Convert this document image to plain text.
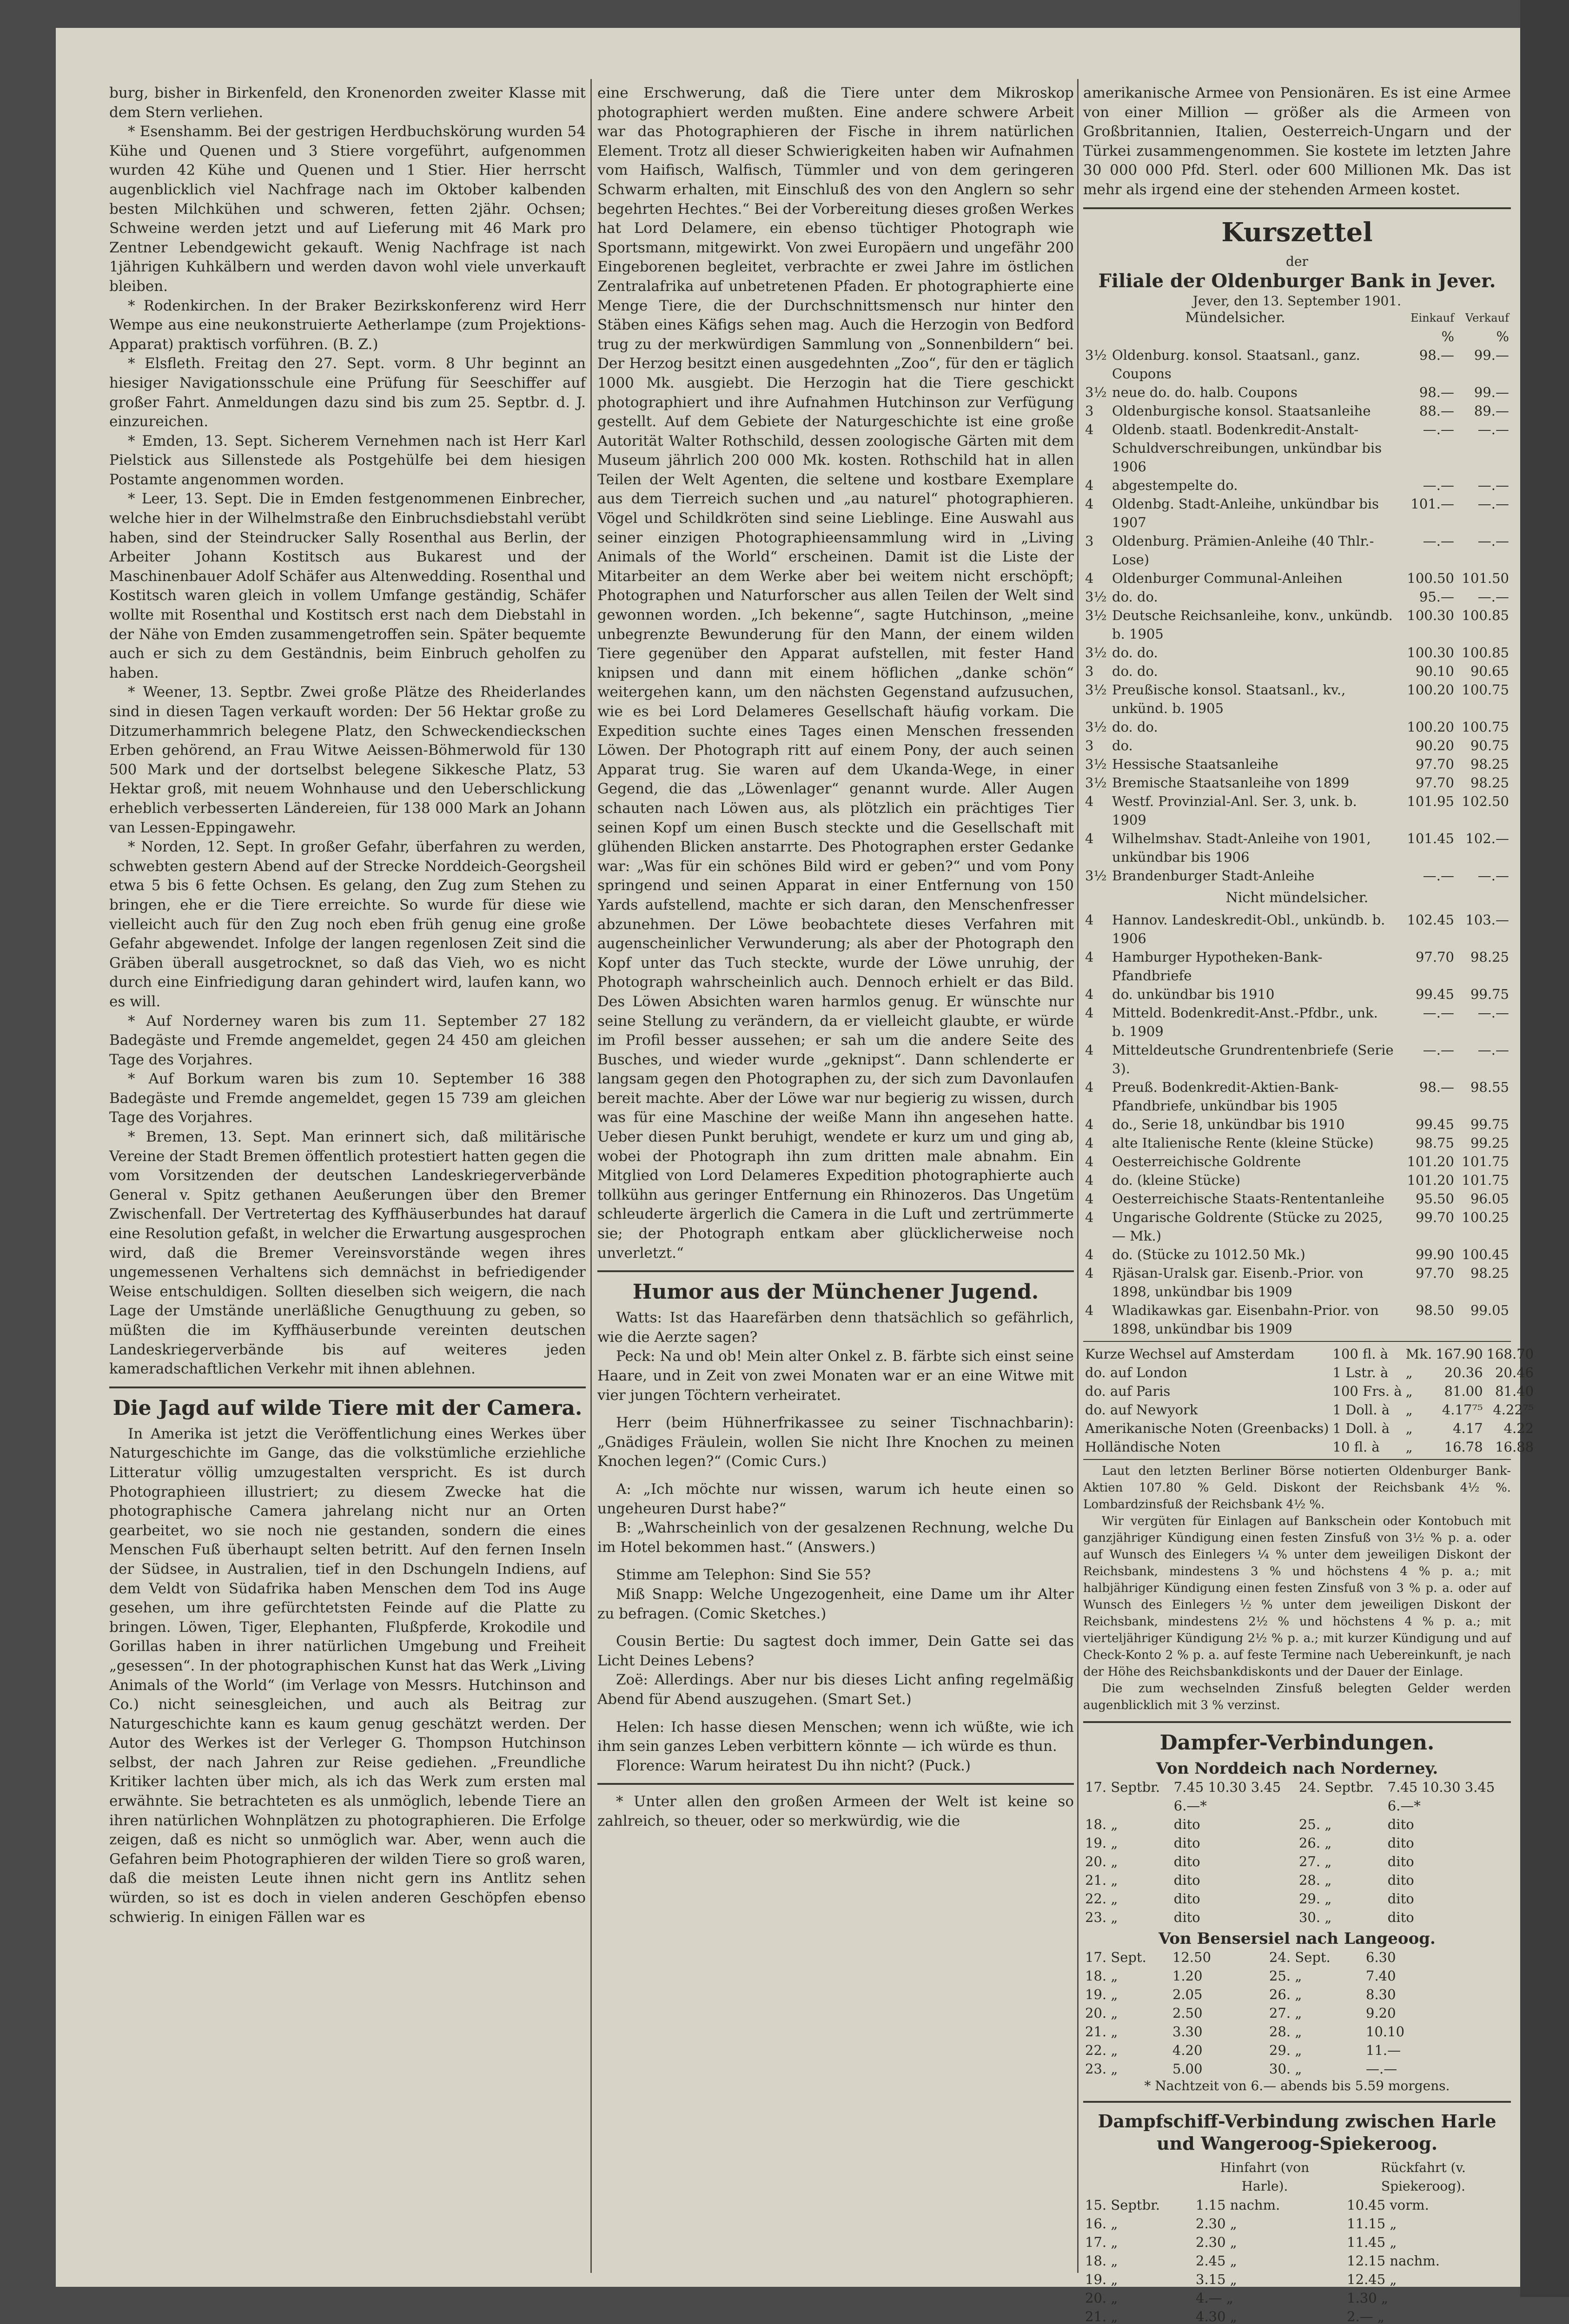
burg, bisher in Birkenfeld, den Kronenorden zweiter Klasse mit dem Stern verliehen.

* Esenshamm. Bei der gestrigen Herdbuchskörung wurden 54 Kühe und Quenen und 3 Stiere vorgeführt, aufgenommen wurden 42 Kühe und Quenen und 1 Stier. Hier herrscht augenblicklich viel Nachfrage nach im Oktober kalbenden besten Milchkühen und schweren, fetten 2jähr. Ochsen; Schweine werden jetzt und auf Lieferung mit 46 Mark pro Zentner Lebendgewicht gekauft. Wenig Nachfrage ist nach 1jährigen Kuhkälbern und werden davon wohl viele unverkauft bleiben.

* Rodenkirchen. In der Braker Bezirkskonferenz wird Herr Wempe aus eine neukonstruierte Aetherlampe (zum Projektions-Apparat) praktisch vorführen. (B. Z.)

* Elsfleth. Freitag den 27. Sept. vorm. 8 Uhr beginnt an hiesiger Navigationsschule eine Prüfung für Seeschiffer auf großer Fahrt. Anmeldungen dazu sind bis zum 25. Septbr. d. J. einzureichen.

* Emden, 13. Sept. Sicherem Vernehmen nach ist Herr Karl Pielstick aus Sillenstede als Postgehülfe bei dem hiesigen Postamte angenommen worden.

* Leer, 13. Sept. Die in Emden festgenommenen Einbrecher, welche hier in der Wilhelmstraße den Einbruchsdiebstahl verübt haben, sind der Steindrucker Sally Rosenthal aus Berlin, der Arbeiter Johann Kostitsch aus Bukarest und der Maschinenbauer Adolf Schäfer aus Altenwedding. Rosenthal und Kostitsch waren gleich in vollem Umfange geständig, Schäfer wollte mit Rosenthal und Kostitsch erst nach dem Diebstahl in der Nähe von Emden zusammengetroffen sein. Später bequemte auch er sich zu dem Geständnis, beim Einbruch geholfen zu haben.

* Weener, 13. Septbr. Zwei große Plätze des Rheiderlandes sind in diesen Tagen verkauft worden: Der 56 Hektar große zu Ditzumerhammrich belegene Platz, den Schweckendieckschen Erben gehörend, an Frau Witwe Aeissen-Böhmerwold für 130 500 Mark und der dortselbst belegene Sikkesche Platz, 53 Hektar groß, mit neuem Wohnhause und den Ueberschlickung erheblich verbesserten Ländereien, für 138 000 Mark an Johann van Lessen-Eppingawehr.

* Norden, 12. Sept. In großer Gefahr, überfahren zu werden, schwebten gestern Abend auf der Strecke Norddeich-Georgsheil etwa 5 bis 6 fette Ochsen. Es gelang, den Zug zum Stehen zu bringen, ehe er die Tiere erreichte. So wurde für diese wie vielleicht auch für den Zug noch eben früh genug eine große Gefahr abgewendet. Infolge der langen regenlosen Zeit sind die Gräben überall ausgetrocknet, so daß das Vieh, wo es nicht durch eine Einfriedigung daran gehindert wird, laufen kann, wo es will.

* Auf Norderney waren bis zum 11. September 27 182 Badegäste und Fremde angemeldet, gegen 24 450 am gleichen Tage des Vorjahres.

* Auf Borkum waren bis zum 10. September 16 388 Badegäste und Fremde angemeldet, gegen 15 739 am gleichen Tage des Vorjahres.

* Bremen, 13. Sept. Man erinnert sich, daß militärische Vereine der Stadt Bremen öffentlich protestiert hatten gegen die vom Vorsitzenden der deutschen Landeskriegerverbände General v. Spitz gethanen Aeußerungen über den Bremer Zwischenfall. Der Vertretertag des Kyffhäuserbundes hat darauf eine Resolution gefaßt, in welcher die Erwartung ausgesprochen wird, daß die Bremer Vereinsvorstände wegen ihres ungemessenen Verhaltens sich demnächst in befriedigender Weise entschuldigen. Sollten dieselben sich weigern, die nach Lage der Umstände unerläßliche Genugthuung zu geben, so müßten die im Kyffhäuserbunde vereinten deutschen Landeskriegerverbände bis auf weiteres jeden kameradschaftlichen Verkehr mit ihnen ablehnen.

Die Jagd auf wilde Tiere mit der Camera.

In Amerika ist jetzt die Veröffentlichung eines Werkes über Naturgeschichte im Gange, das die volkstümliche erziehliche Litteratur völlig umzugestalten verspricht. Es ist durch Photographieen illustriert; zu diesem Zwecke hat die photographische Camera jahrelang nicht nur an Orten gearbeitet, wo sie noch nie gestanden, sondern die eines Menschen Fuß überhaupt selten betritt. Auf den fernen Inseln der Südsee, in Australien, tief in den Dschungeln Indiens, auf dem Veldt von Südafrika haben Menschen dem Tod ins Auge gesehen, um ihre gefürchtetsten Feinde auf die Platte zu bringen. Löwen, Tiger, Elephanten, Flußpferde, Krokodile und Gorillas haben in ihrer natürlichen Umgebung und Freiheit „gesessen“. In der photographischen Kunst hat das Werk „Living Animals of the World“ (im Verlage von Messrs. Hutchinson and Co.) nicht seinesgleichen, und auch als Beitrag zur Naturgeschichte kann es kaum genug geschätzt werden. Der Autor des Werkes ist der Verleger G. Thompson Hutchinson selbst, der nach Jahren zur Reise gediehen. „Freundliche Kritiker lachten über mich, als ich das Werk zum ersten mal erwähnte. Sie betrachteten es als unmöglich, lebende Tiere an ihren natürlichen Wohnplätzen zu photographieren. Die Erfolge zeigen, daß es nicht so unmöglich war. Aber, wenn auch die Gefahren beim Photographieren der wilden Tiere so groß waren, daß die meisten Leute ihnen nicht gern ins Antlitz sehen würden, so ist es doch in vielen anderen Geschöpfen ebenso schwierig. In einigen Fällen war es

eine Erschwerung, daß die Tiere unter dem Mikroskop photographiert werden mußten. Eine andere schwere Arbeit war das Photographieren der Fische in ihrem natürlichen Element. Trotz all dieser Schwierigkeiten haben wir Aufnahmen vom Haifisch, Walfisch, Tümmler und von dem geringeren Schwarm erhalten, mit Einschluß des von den Anglern so sehr begehrten Hechtes.“ Bei der Vorbereitung dieses großen Werkes hat Lord Delamere, ein ebenso tüchtiger Photograph wie Sportsmann, mitgewirkt. Von zwei Europäern und ungefähr 200 Eingeborenen begleitet, verbrachte er zwei Jahre im östlichen Zentralafrika auf unbetretenen Pfaden. Er photographierte eine Menge Tiere, die der Durchschnittsmensch nur hinter den Stäben eines Käfigs sehen mag. Auch die Herzogin von Bedford trug zu der merkwürdigen Sammlung von „Sonnenbildern“ bei. Der Herzog besitzt einen ausgedehnten „Zoo“, für den er täglich 1000 Mk. ausgiebt. Die Herzogin hat die Tiere geschickt photographiert und ihre Aufnahmen Hutchinson zur Verfügung gestellt. Auf dem Gebiete der Naturgeschichte ist eine große Autorität Walter Rothschild, dessen zoologische Gärten mit dem Museum jährlich 200 000 Mk. kosten. Rothschild hat in allen Teilen der Welt Agenten, die seltene und kostbare Exemplare aus dem Tierreich suchen und „au naturel“ photographieren. Vögel und Schildkröten sind seine Lieblinge. Eine Auswahl aus seiner einzigen Photographieensammlung wird in „Living Animals of the World“ erscheinen. Damit ist die Liste der Mitarbeiter an dem Werke aber bei weitem nicht erschöpft; Photographen und Naturforscher aus allen Teilen der Welt sind gewonnen worden. „Ich bekenne“, sagte Hutchinson, „meine unbegrenzte Bewunderung für den Mann, der einem wilden Tiere gegenüber den Apparat aufstellen, mit fester Hand knipsen und dann mit einem höflichen „danke schön“ weitergehen kann, um den nächsten Gegenstand aufzusuchen, wie es bei Lord Delameres Gesellschaft häufig vorkam. Die Expedition suchte eines Tages einen Menschen fressenden Löwen. Der Photograph ritt auf einem Pony, der auch seinen Apparat trug. Sie waren auf dem Ukanda-Wege, in einer Gegend, die das „Löwenlager“ genannt wurde. Aller Augen schauten nach Löwen aus, als plötzlich ein prächtiges Tier seinen Kopf um einen Busch steckte und die Gesellschaft mit glühenden Blicken anstarrte. Des Photographen erster Gedanke war: „Was für ein schönes Bild wird er geben?“ und vom Pony springend und seinen Apparat in einer Entfernung von 150 Yards aufstellend, machte er sich daran, den Menschenfresser abzunehmen. Der Löwe beobachtete dieses Verfahren mit augenscheinlicher Verwunderung; als aber der Photograph den Kopf unter das Tuch steckte, wurde der Löwe unruhig, der Photograph wahrscheinlich auch. Dennoch erhielt er das Bild. Des Löwen Absichten waren harmlos genug. Er wünschte nur seine Stellung zu verändern, da er vielleicht glaubte, er würde im Profil besser aussehen; er sah um die andere Seite des Busches, und wieder wurde „geknipst“. Dann schlenderte er langsam gegen den Photographen zu, der sich zum Davonlaufen bereit machte. Aber der Löwe war nur begierig zu wissen, durch was für eine Maschine der weiße Mann ihn angesehen hatte. Ueber diesen Punkt beruhigt, wendete er kurz um und ging ab, wobei der Photograph ihn zum dritten male abnahm. Ein Mitglied von Lord Delameres Expedition photographierte auch tollkühn aus geringer Entfernung ein Rhinozeros. Das Ungetüm schleuderte ärgerlich die Camera in die Luft und zertrümmerte sie; der Photograph entkam aber glücklicherweise noch unverletzt.“

Humor aus der Münchener Jugend.

Watts: Ist das Haarefärben denn thatsächlich so gefährlich, wie die Aerzte sagen?

Peck: Na und ob! Mein alter Onkel z. B. färbte sich einst seine Haare, und in Zeit von zwei Monaten war er an eine Witwe mit vier jungen Töchtern verheiratet.

Herr (beim Hühnerfrikassee zu seiner Tischnachbarin): „Gnädiges Fräulein, wollen Sie nicht Ihre Knochen zu meinen Knochen legen?“ (Comic Curs.)

A: „Ich möchte nur wissen, warum ich heute einen so ungeheuren Durst habe?“

B: „Wahrscheinlich von der gesalzenen Rechnung, welche Du im Hotel bekommen hast.“ (Answers.)

Stimme am Telephon: Sind Sie 55?

Miß Snapp: Welche Ungezogenheit, eine Dame um ihr Alter zu befragen. (Comic Sketches.)

Cousin Bertie: Du sagtest doch immer, Dein Gatte sei das Licht Deines Lebens?

Zoë: Allerdings. Aber nur bis dieses Licht anfing regelmäßig Abend für Abend auszugehen. (Smart Set.)

Helen: Ich hasse diesen Menschen; wenn ich wüßte, wie ich ihm sein ganzes Leben verbittern könnte — ich würde es thun.

Florence: Warum heiratest Du ihn nicht? (Puck.)

* Unter allen den großen Armeen der Welt ist keine so zahlreich, so theuer, oder so merkwürdig, wie die

amerikanische Armee von Pensionären. Es ist eine Armee von einer Million — größer als die Armeen von Großbritannien, Italien, Oesterreich-Ungarn und der Türkei zusammengenommen. Sie kostete im letzten Jahre 30 000 000 Pfd. Sterl. oder 600 Millionen Mk. Das ist mehr als irgend eine der stehenden Armeen kostet.

Kurszettel
der
Filiale der Oldenburger Bank in Jever.
Jever, den 13. September 1901.
Mündelsicher.	Einkauf	Verkauf
	%	%
3½	Oldenburg. konsol. Staatsanl., ganz. Coupons	98.—	99.—
3½	neue do. do. halb. Coupons	98.—	99.—
3	Oldenburgische konsol. Staatsanleihe	88.—	89.—
4	Oldenb. staatl. Bodenkredit-Anstalt-Schuldverschreibungen, unkündbar bis 1906	—.—	—.—
4	abgestempelte do.	—.—	—.—
4	Oldenbg. Stadt-Anleihe, unkündbar bis 1907	101.—	—.—
3	Oldenburg. Prämien-Anleihe (40 Thlr.-Lose)	—.—	—.—
4	Oldenburger Communal-Anleihen	100.50	101.50
3½	do. do.	95.—	—.—
3½	Deutsche Reichsanleihe, konv., unkündb. b. 1905	100.30	100.85
3½	do. do.	100.30	100.85
3	do. do.	90.10	90.65
3½	Preußische konsol. Staatsanl., kv., unkünd. b. 1905	100.20	100.75
3½	do. do.	100.20	100.75
3	do.	90.20	90.75
3½	Hessische Staatsanleihe	97.70	98.25
3½	Bremische Staatsanleihe von 1899	97.70	98.25
4	Westf. Provinzial-Anl. Ser. 3, unk. b. 1909	101.95	102.50
4	Wilhelmshav. Stadt-Anleihe von 1901, unkündbar bis 1906	101.45	102.—
3½	Brandenburger Stadt-Anleihe	—.—	—.—
Nicht mündelsicher.
4	Hannov. Landeskredit-Obl., unkündb. b. 1906	102.45	103.—
4	Hamburger Hypotheken-Bank-Pfandbriefe	97.70	98.25
4	do. unkündbar bis 1910	99.45	99.75
4	Mitteld. Bodenkredit-Anst.-Pfdbr., unk. b. 1909	—.—	—.—
4	Mitteldeutsche Grundrentenbriefe (Serie 3).	—.—	—.—
4	Preuß. Bodenkredit-Aktien-Bank-Pfandbriefe, unkündbar bis 1905	98.—	98.55
4	do., Serie 18, unkündbar bis 1910	99.45	99.75
4	alte Italienische Rente (kleine Stücke)	98.75	99.25
4	Oesterreichische Goldrente	101.20	101.75
4	do. (kleine Stücke)	101.20	101.75
4	Oesterreichische Staats-Rententanleihe	95.50	96.05
4	Ungarische Goldrente (Stücke zu 2025,— Mk.)	99.70	100.25
4	do. (Stücke zu 1012.50 Mk.)	99.90	100.45
4	Rjäsan-Uralsk gar. Eisenb.-Prior. von 1898, unkündbar bis 1909	97.70	98.25
4	Wladikawkas gar. Eisenbahn-Prior. von 1898, unkündbar bis 1909	98.50	99.05
Kurze Wechsel auf Amsterdam	100 fl. à	Mk.	167.90	168.70
do. auf London	1 Lstr. à	„	20.36	20.46
do. auf Paris	100 Frs. à	„	81.00	81.40
do. auf Newyork	1 Doll. à	„	4.17⁷⁵	4.22⁷⁵
Amerikanische Noten (Greenbacks)	1 Doll. à	„	4.17	4.22
Holländische Noten	10 fl. à	„	16.78	16.88

Laut den letzten Berliner Börse notierten Oldenburger Bank-Aktien 107.80 % Geld. Diskont der Reichsbank 4½ %. Lombardzinsfuß der Reichsbank 4½ %.

Wir vergüten für Einlagen auf Bankschein oder Kontobuch mit ganzjähriger Kündigung einen festen Zinsfuß von 3½ % p. a. oder auf Wunsch des Einlegers ¼ % unter dem jeweiligen Diskont der Reichsbank, mindestens 3 % und höchstens 4 % p. a.; mit halbjähriger Kündigung einen festen Zinsfuß von 3 % p. a. oder auf Wunsch des Einlegers ½ % unter dem jeweiligen Diskont der Reichsbank, mindestens 2½ % und höchstens 4 % p. a.; mit vierteljähriger Kündigung 2½ % p. a.; mit kurzer Kündigung und auf Check-Konto 2 % p. a. auf feste Termine nach Uebereinkunft, je nach der Höhe des Reichsbankdiskonts und der Dauer der Einlage.

Die zum wechselnden Zinsfuß belegten Gelder werden augenblicklich mit 3 % verzinst.

Dampfer-Verbindungen.
Von Norddeich nach Norderney.
17. Septbr.	7.45 10.30 3.45	24. Septbr.	7.45 10.30 3.45
	6.—*		6.—*
18. „	dito	25. „	dito
19. „	dito	26. „	dito
20. „	dito	27. „	dito
21. „	dito	28. „	dito
22. „	dito	29. „	dito
23. „	dito	30. „	dito
Von Bensersiel nach Langeoog.
17. Sept.	12.50	24. Sept.	6.30
18. „	1.20	25. „	7.40
19. „	2.05	26. „	8.30
20. „	2.50	27. „	9.20
21. „	3.30	28. „	10.10
22. „	4.20	29. „	11.—
23. „	5.00	30. „	—.—
* Nachtzeit von 6.— abends bis 5.59 morgens.
Dampfschiff-Verbindung zwischen Harle und Wangeroog-Spiekeroog.
	Hinfahrt (von Harle).	Rückfahrt (v. Spiekeroog).
15. Septbr.	1.15 nachm.	10.45 vorm.
16. „	2.30 „	11.15 „
17. „	2.30 „	11.45 „
18. „	2.45 „	12.15 nachm.
19. „	3.15 „	12.45 „
20. „	4.— „	1.30 „
21. „	4.30 „	2.— „
